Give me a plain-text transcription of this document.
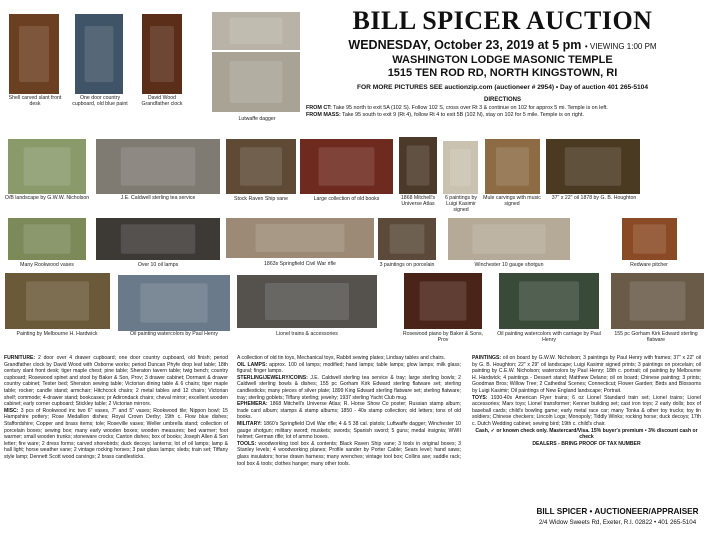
BILL SPICER AUCTION
WEDNESDAY, October 23, 2019 at 5 pm • VIEWING 1:00 PM
WASHINGTON LODGE MASONIC TEMPLE
1515 TEN ROD RD, NORTH KINGSTOWN, RI
FOR MORE PICTURES SEE auctionzip.com (auctioneer # 2954) • Day of auction 401 265-5104
DIRECTIONS
FROM CT: Take 95 north to exit 5A (102 S). Follow 102 S, cross over Rt 3 & continue on 102 for approx 5 mi. Temple is on left.
FROM MASS: Take 95 south to exit 9 (Rt 4), follow Rt 4 to exit 5B (102 N), stay on 102 for 5 mile. Temple is on right.
Shell carved slant front desk
One door country cupboard, old blue paint
David Wood Grandfather clock
Lutwaffe dagger
O/B landscape by G.W.W. Nicholson	J.E. Caldwell sterling tea service	Stock Raven Ship vane	Large collection of old books	1868 Mitchell's Universe Atlas
6 paintings by Luigi Kasimir signed
Mule carvings with music signed
37" x 22" oil 1878 by G. B. Houghton
Many Rookwood vases	Over 10 oil lamps	1863s Springfield Civil War rifle	3 paintings on porcelain	Winchester 10 gauge shotgun	Redware pitcher
Painting by Melbourne H. Hardwick	Oil painting watercolors by Paul Henry	Lionel trains & accessories	Rosewood piano by Baker & Sons, Prov
Oil painting watercolors with carriage by Paul Henry
155 pc Gorham Kirk Edward sterling flatware
FURNITURE: 2 door over 4 drawer cupboard; one door country cupboard, old finish; period Grandfather clock by David Wood with Osborne works; period Duncan Phyfe drop leaf table; 18th century slant front desk; tiger maple chest; pine table; Sheraton tavern table; twig bench; country cupboard; Rosewood spinet and stool by Baker & Son, Prov; 3 drawer cabinet; Dormant & drawer country cabinet; Tester bed; Sheraton sewing table; Victorian dining table & 6 chairs; tiger maple table; rocker; candle stand; armchair; Hitchcock chairs; 2 metal tables and 12 chairs; Victorian shelf; commode; 4-drawer stand; bookcases; pr Adirondack chairs; cheval mirror; excellent wooden cabinet; early corner cupboard; Stickley table; 2 Victorian mirrors.
MISC: 3 pcs of Rookwood inc two 6" vases, 7" and 5" vases; Rookwood tile; Nippon bowl; 15 Hampshire pottery; Rose Medallion dishes; Royal Crown Derby; 19th c. Flow blue dishes; Staffordshire; Copper and brass items; tole; Roseville vases; Weller umbrella stand; collection of porcelain boxes; sewing box; many early wooden boxes; wooden measures; bed warmer; foot warmer; small wooden trunks; stoneware crocks; Canton dishes; box of books; Joseph Allen & Son letter; fire ware; 2 dress forms; carved shorebirds; duck decoys; lanterns; lot of oil lamps; lamp & hall light; horse weather vane; 2 vintage rocking horses; 3 pair glass lamps; sleds; train set; Tiffany style lamp; Dennett Scott wood carvings; 2 brass candlesticks.
A collection of old tin toys, Mechanical toys, Rabbit sewing plates; Lindsay tables and chairs.
OIL LAMPS: approx. 100 oil lamps; modified; hand lamps; table lamps; glow lamps; milk glass; figural; finger lamps.
STERLING/JEWELRY/COINS: J.E. Caldwell sterling tea service & tray; large sterling bowls; 2 Caldwell sterling bowls & dishes; 155 pc Gorham Kirk Edward sterling flatware set; sterling candlesticks; many pieces of silver plate; 1899 King Edward sterling flatware set; sterling flatware; tray; sterling goblets; Tiffany sterling; jewelry; 1937 sterling Yacht Club mug.
EPHEMERA: 1868 Mitchell's Universe Atlas; R. Horse Show Co poster; Russian stamp album; trade card album; stamps & stamp albums; 1850 - 40s stamp collection; old letters; tons of old books.
MILITARY: 1860's Springfield Civil War rifle; 4 & 5 38 cal. pistols; Luftwaffe dagger; Winchester 10 gauge shotgun; military sword; muskets; swords; Spanish sword; 5 guns; medal insignia; WWII helmet; German rifle; lot of ammo boxes.
TOOLS: woodworking tool box & contents; Black Raven Ship vane; 3 tools in original boxes; 3 Stanley levels; 4 woodworking planes; Profile sander by Porter Cable; Sears level; hand saws; glass insulators; horse drawn harness; many wrenches; vintage tool box; Collins axe; saddle rack; tool box & tools; clothes hanger; many other tools.
PAINTINGS: oil on board by G.W.W. Nicholson; 3 paintings by Paul Henry with frames; 37" x 22" oil by G. B. Houghton; 22" x 29" oil landscape; Luigi Kasimir signed prints; 3 paintings on porcelain; oil painting by C.E.W. Nicholson; watercolors by Paul Henry; 18th c. portrait; oil painting by Melbourne H. Hardwick; 4 paintings - Dessert stand; Matthew Delano; oil on board; Chinese painting; 3 prints; Goodman Bros; Willow Tree; 2 Cathedral Scenes; Connecticut; Flower Garden; Birds and Blossoms by Luigi Kasimir; Oil paintings of New England landscape; Portrait.
TOYS: 1930-40s American Flyer trains; 6 oz Lionel Standard train set; Lionel trains; Lionel accessories; Marx toys; Lionel transformer; Kenner building set; cast iron toys; 2 early dolls; box of baseball cards; child's bowling game; early metal race car; many Tonka & other toy trucks; toy tin soldiers; Chinese checkers; Lincoln Logs; Monopoly; Tiddly Winks; rocking horse; duck decoys; 17th c. Dutch Wedding cabinet; sewing bird; 19th c. child's chair.
Cash, ✓ or known check only. Mastercard/Visa. 15% buyer's premium • 3% discount cash or check
DEALERS - BRING PROOF OF TAX NUMBER
BILL SPICER • AUCTIONEER/APPRAISER
2/4 Widow Sweets Rd, Exeter, R.I. 02822 • 401 265-5104
